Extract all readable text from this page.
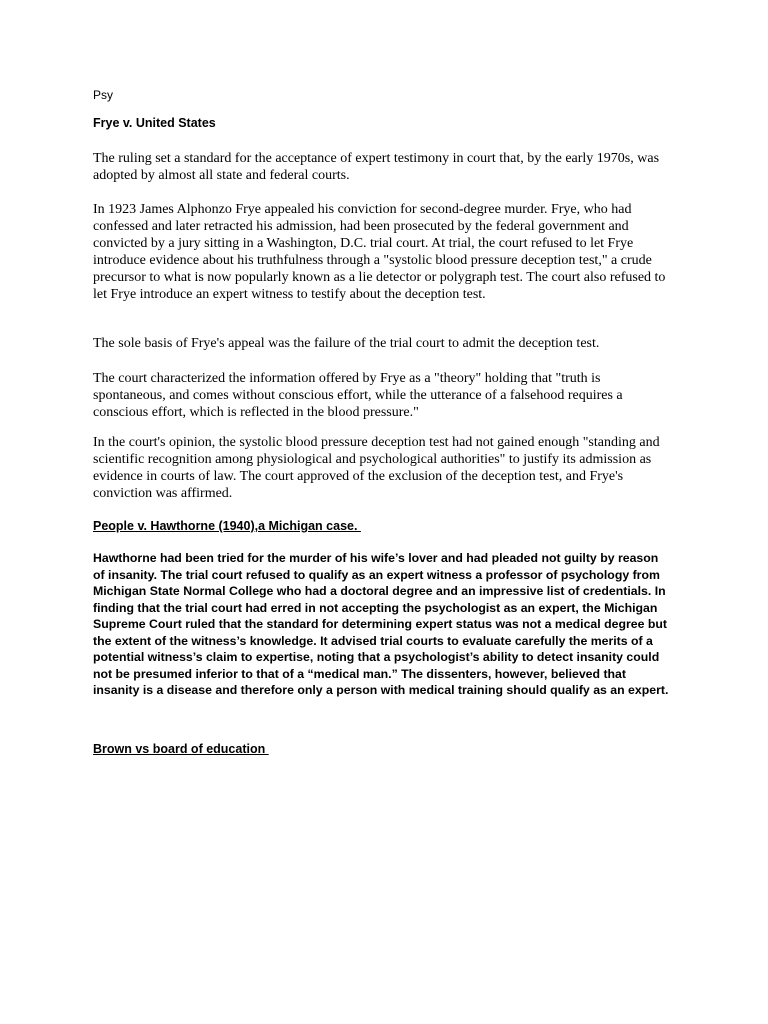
Psy
Frye v. United States
The ruling set a standard for the acceptance of expert testimony in court that, by the early 1970s, was adopted by almost all state and federal courts.
In 1923 James Alphonzo Frye appealed his conviction for second-degree murder. Frye, who had confessed and later retracted his admission, had been prosecuted by the federal government and convicted by a jury sitting in a Washington, D.C. trial court. At trial, the court refused to let Frye introduce evidence about his truthfulness through a "systolic blood pressure deception test," a crude precursor to what is now popularly known as a lie detector or polygraph test. The court also refused to let Frye introduce an expert witness to testify about the deception test.
The sole basis of Frye's appeal was the failure of the trial court to admit the deception test.
The court characterized the information offered by Frye as a "theory" holding that "truth is spontaneous, and comes without conscious effort, while the utterance of a falsehood requires a conscious effort, which is reflected in the blood pressure."
In the court's opinion, the systolic blood pressure deception test had not gained enough "standing and scientific recognition among physiological and psychological authorities" to justify its admission as evidence in courts of law. The court approved of the exclusion of the deception test, and Frye's conviction was affirmed.
People v. Hawthorne (1940),a Michigan case.
Hawthorne had been tried for the murder of his wife’s lover and had pleaded not guilty by reason of insanity. The trial court refused to qualify as an expert witness a professor of psychology from Michigan State Normal College who had a doctoral degree and an impressive list of credentials. In finding that the trial court had erred in not accepting the psychologist as an expert, the Michigan Supreme Court ruled that the standard for determining expert status was not a medical degree but the extent of the witness’s knowledge. It advised trial courts to evaluate carefully the merits of a potential witness’s claim to expertise, noting that a psychologist’s ability to detect insanity could not be presumed inferior to that of a “medical man.” The dissenters, however, believed that insanity is a disease and therefore only a person with medical training should qualify as an expert.
Brown vs board of education
